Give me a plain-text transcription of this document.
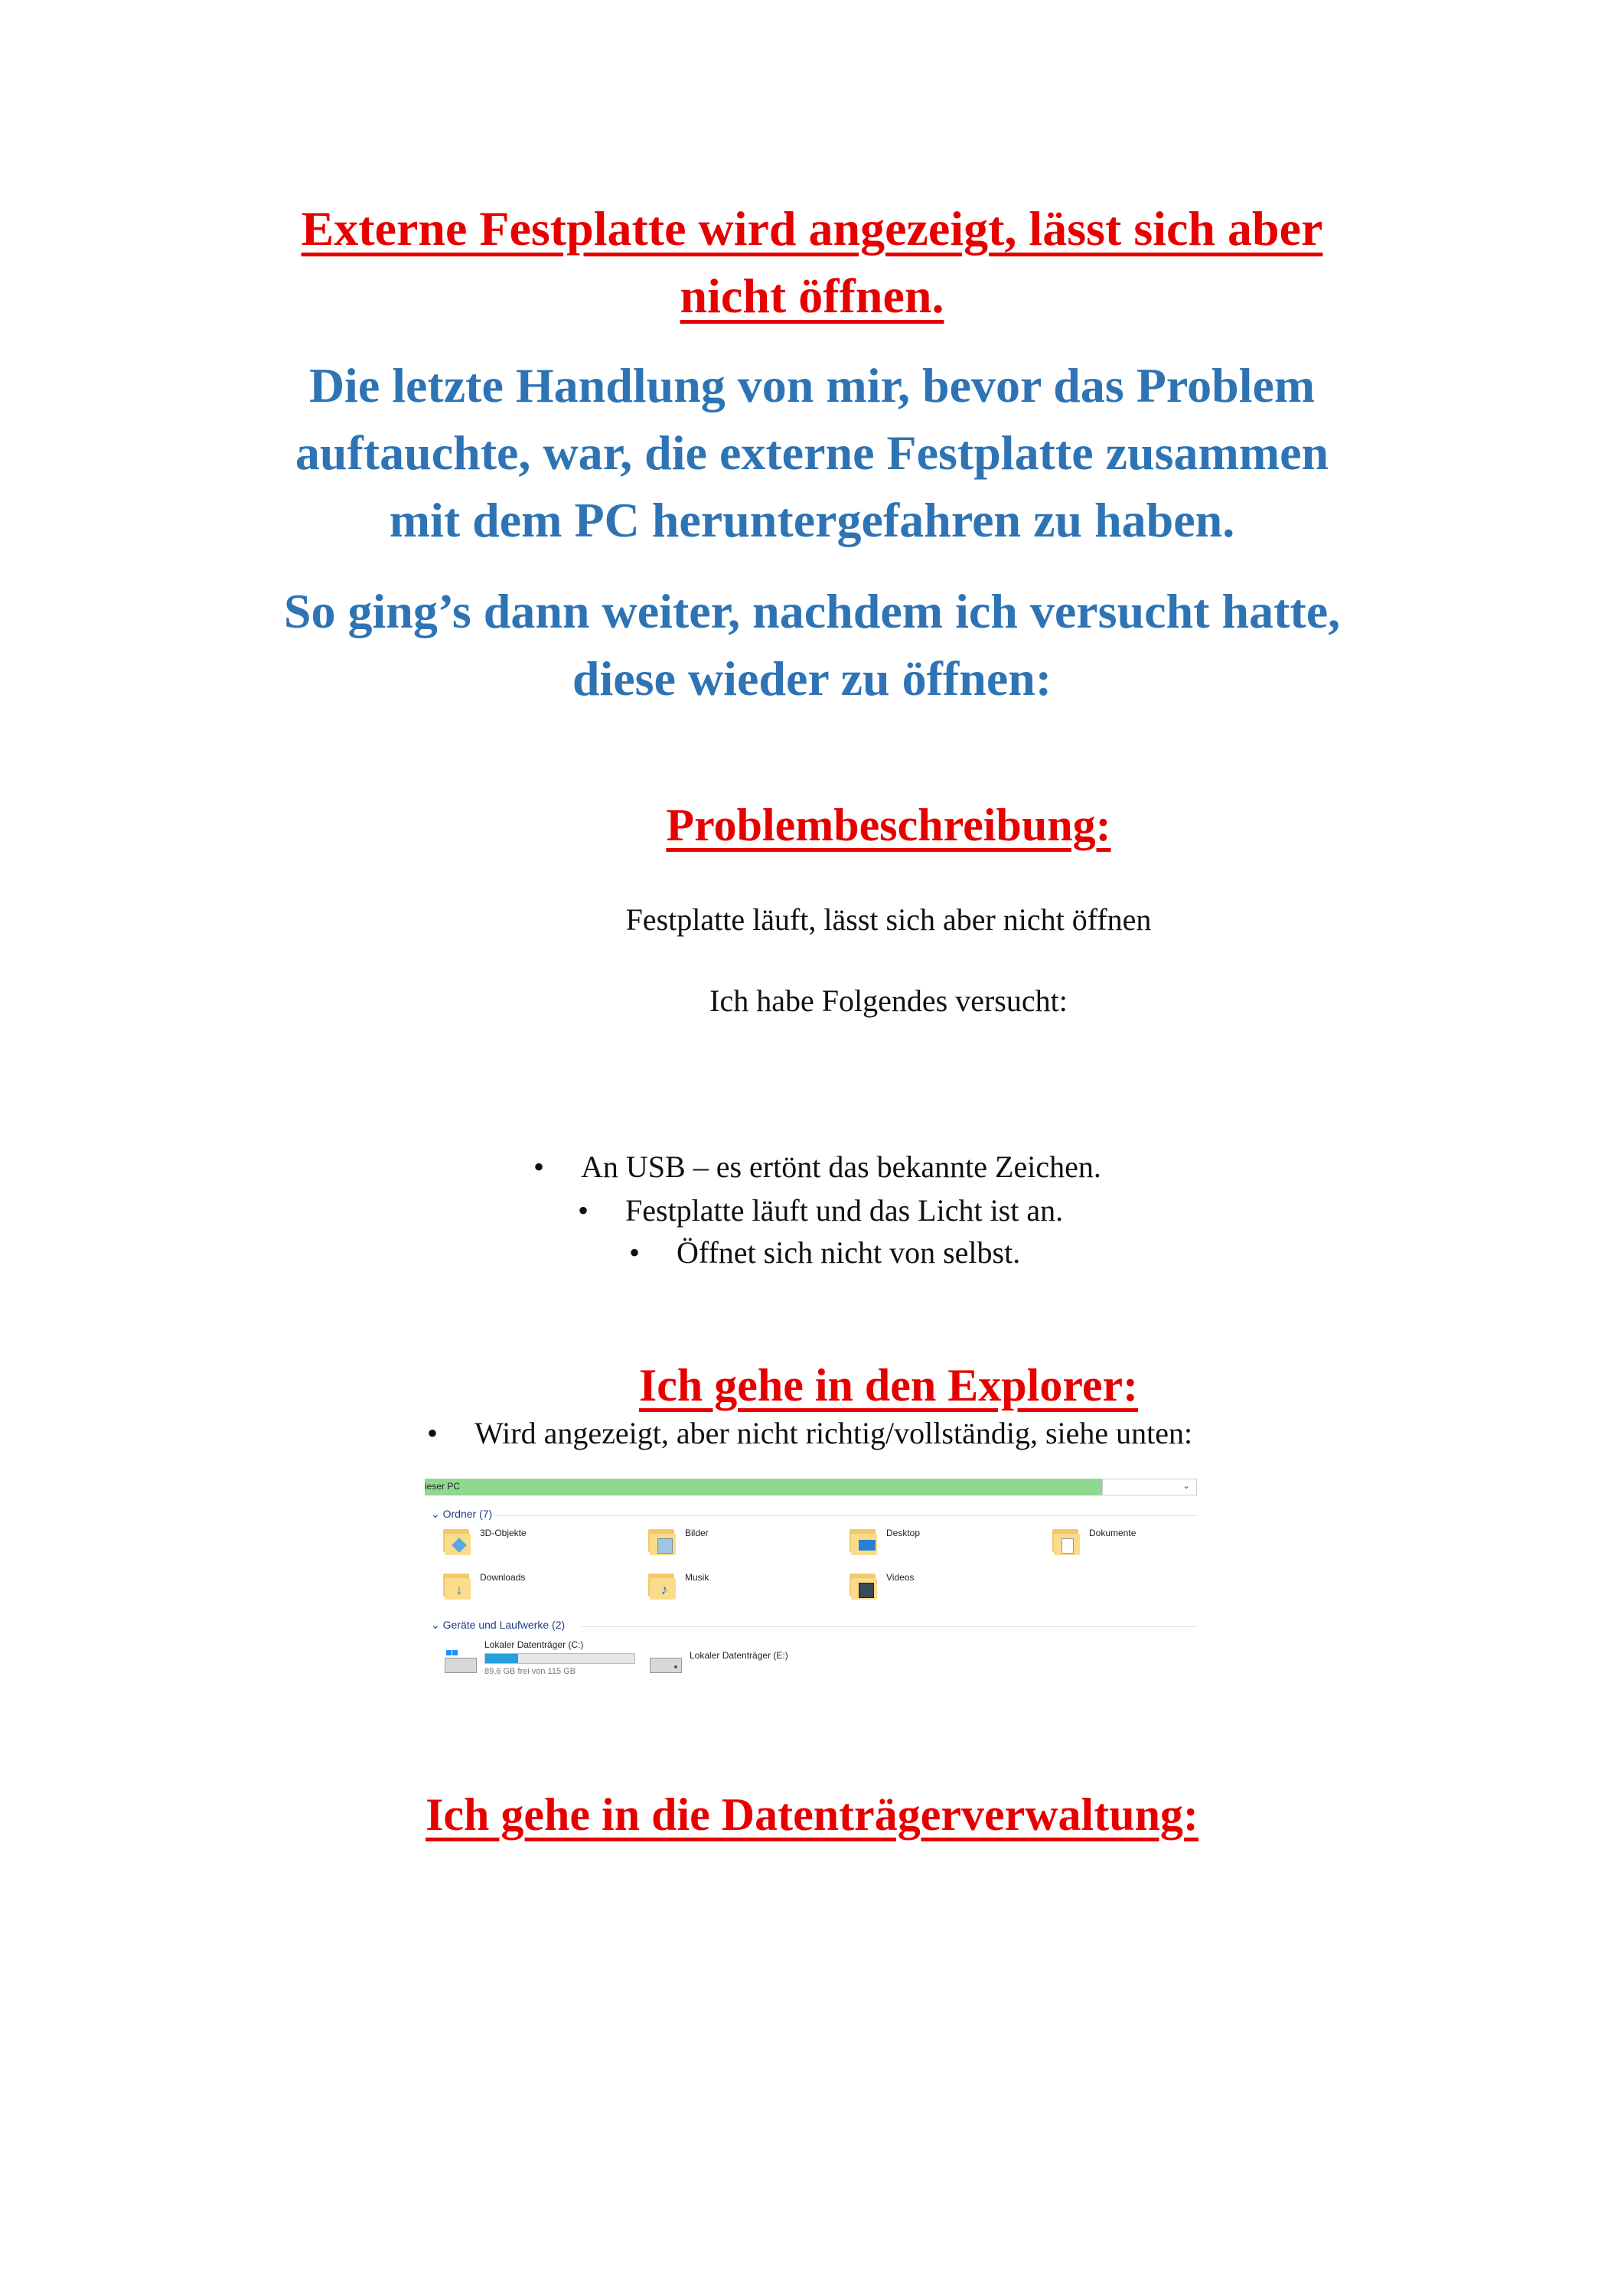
Externe Festplatte wird angezeigt, lässt sich aber
nicht öffnen.
Die letzte Handlung von mir, bevor das Problem
auftauchte, war, die externe Festplatte zusammen
mit dem PC heruntergefahren zu haben.
So ging’s dann weiter, nachdem ich versucht hatte,
diese wieder zu öffnen:
Problembeschreibung:
Festplatte läuft, lässt sich aber nicht öffnen
Ich habe Folgendes versucht:
• An USB – es ertönt das bekannte Zeichen.
• Festplatte läuft und das Licht ist an.
• Öffnet sich nicht von selbst.
Ich gehe in den Explorer:
• Wird angezeigt, aber nicht richtig/vollständig, siehe unten:
ieser PC	⌄
⌄ Ordner (7)
3D-Objekte	Bilder	Desktop	Dokumente
↓
Downloads
♪
Musik	Videos
⌄ Geräte und Laufwerke (2)
Lokaler Datenträger (C:)
89,6 GB frei von 115 GB
Lokaler Datenträger (E:)
Ich gehe in die Datenträgerverwaltung:
